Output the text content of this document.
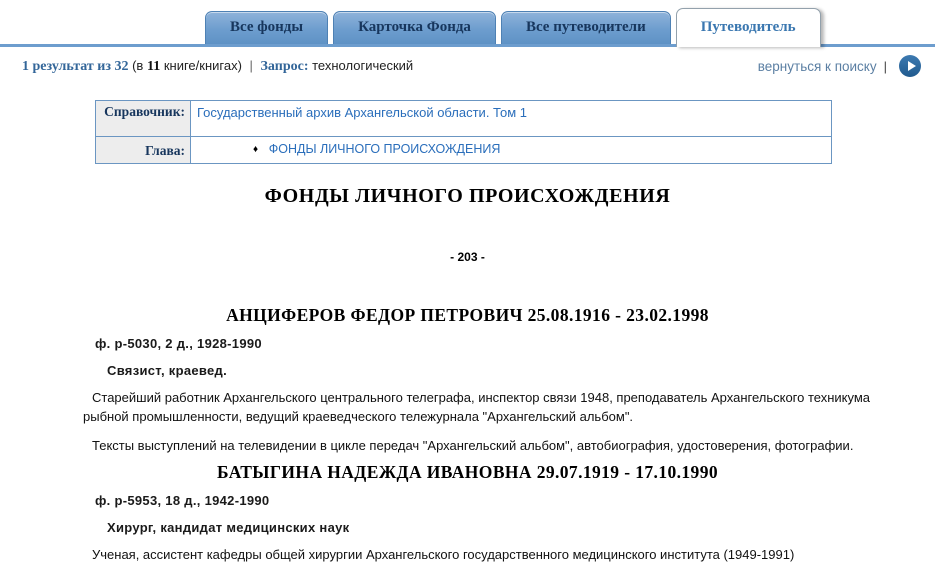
Все фонды	Карточка Фонда	Все путеводители	Путеводитель
1 результат из 32 (в 11 книге/книгах) | Запрос: технологический	вернуться к поиску |
Справочник:	Государственный архив Архангельской области. Том 1
Глава:	♦ ФОНДЫ ЛИЧНОГО ПРОИСХОЖДЕНИЯ
ФОНДЫ ЛИЧНОГО ПРОИСХОЖДЕНИЯ
- 203 -
АНЦИФЕРОВ ФЕДОР ПЕТРОВИЧ 25.08.1916 - 23.02.1998
ф. р-5030, 2 д., 1928-1990
Связист, краевед.

Старейший работник Архангельского центрального телеграфа, инспектор связи 1948, преподаватель Архангельского техникума рыбной промышленности, ведущий краеведческого тележурнала "Архангельский альбом".

Тексты выступлений на телевидении в цикле передач "Архангельский альбом", автобиография, удостоверения, фотографии.

БАТЫГИНА НАДЕЖДА ИВАНОВНА 29.07.1919 - 17.10.1990
ф. р-5953, 18 д., 1942-1990
Хирург, кандидат медицинских наук

Ученая, ассистент кафедры общей хирургии Архангельского государственного медицинского института (1949-1991)
